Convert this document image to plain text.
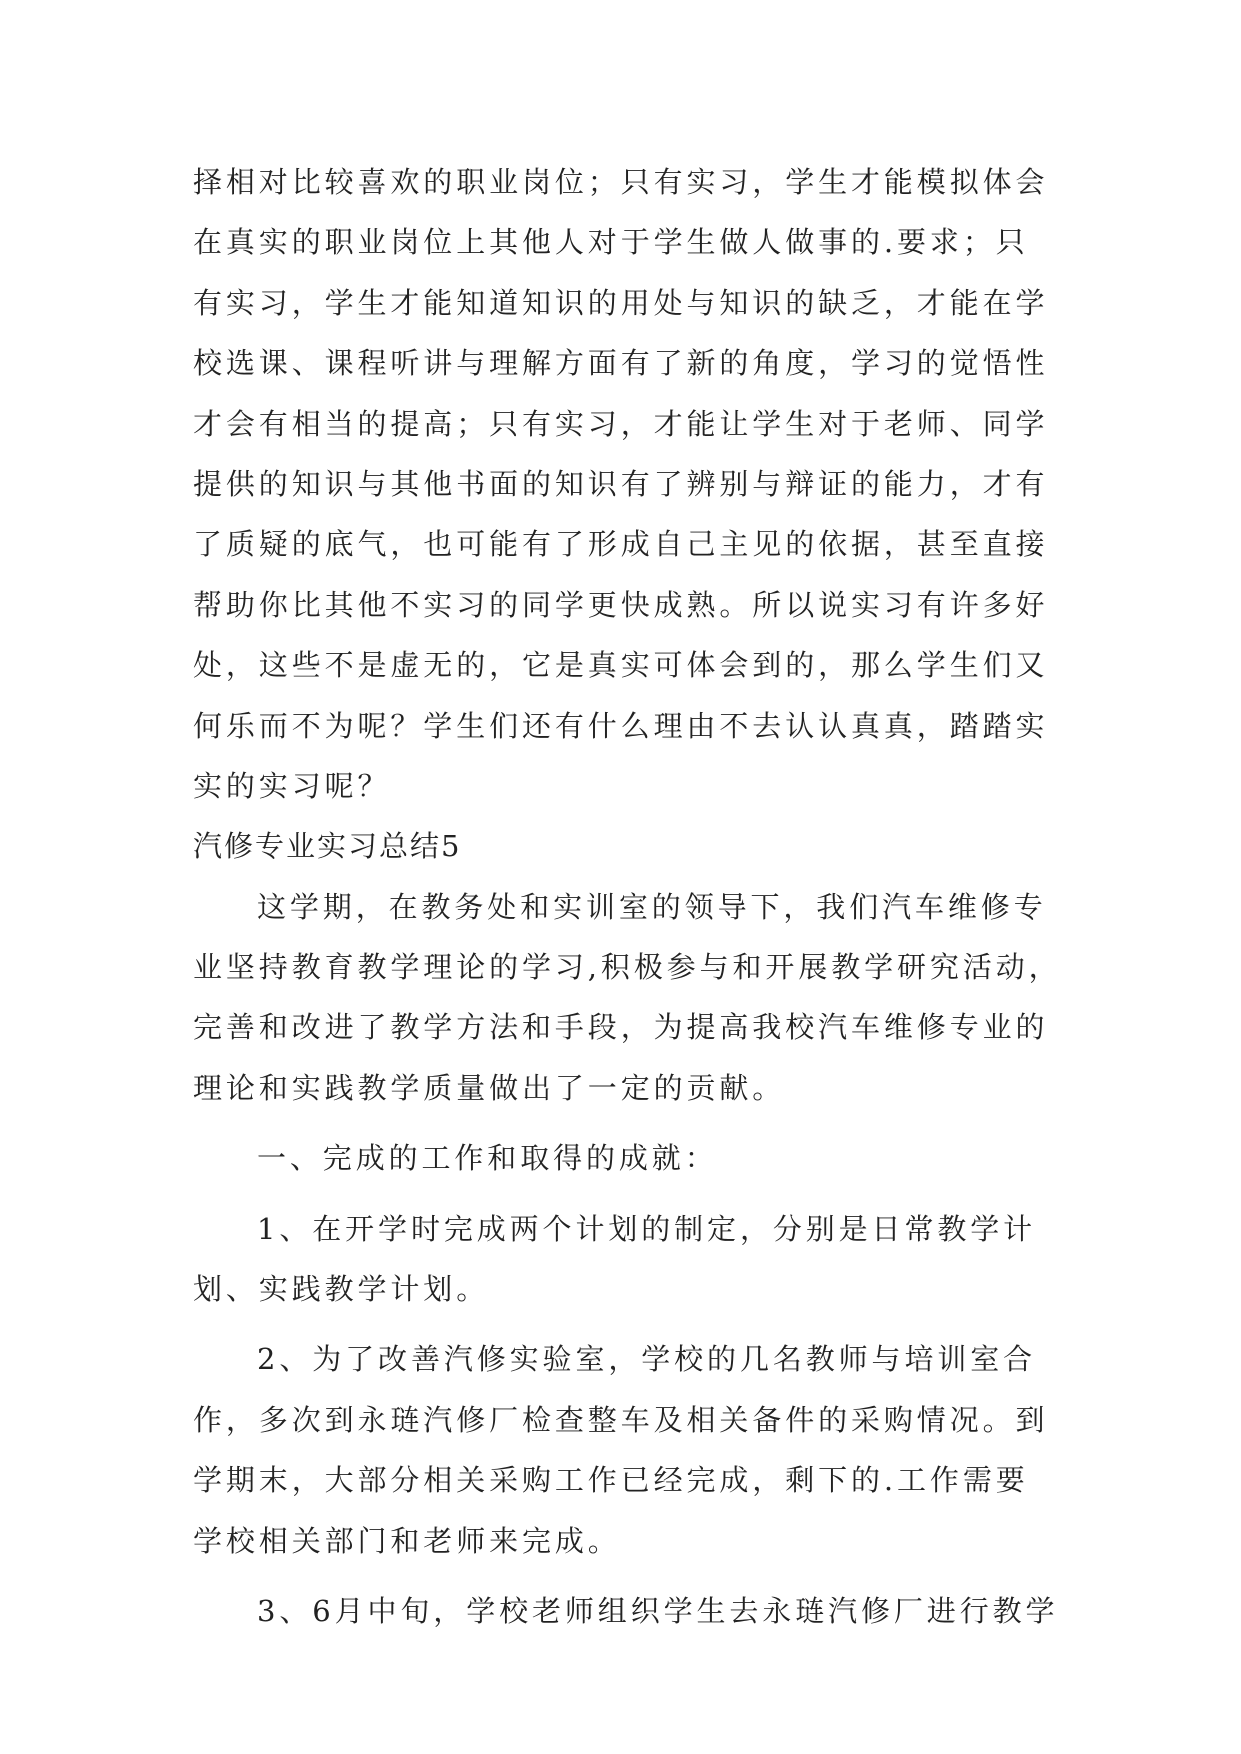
择相对比较喜欢的职业岗位；只有实习，学生才能模拟体会
在真实的职业岗位上其他人对于学生做人做事的.要求；只
有实习，学生才能知道知识的用处与知识的缺乏，才能在学
校选课、课程听讲与理解方面有了新的角度，学习的觉悟性
才会有相当的提高；只有实习，才能让学生对于老师、同学
提供的知识与其他书面的知识有了辨别与辩证的能力，才有
了质疑的底气，也可能有了形成自己主见的依据，甚至直接
帮助你比其他不实习的同学更快成熟。所以说实习有许多好
处，这些不是虚无的，它是真实可体会到的，那么学生们又
何乐而不为呢？学生们还有什么理由不去认认真真，踏踏实
实的实习呢？
汽修专业实习总结5
这学期，在教务处和实训室的领导下，我们汽车维修专
业坚持教育教学理论的学习,积极参与和开展教学研究活动，
完善和改进了教学方法和手段，为提高我校汽车维修专业的
理论和实践教学质量做出了一定的贡献。
一、完成的工作和取得的成就：
1、在开学时完成两个计划的制定，分别是日常教学计
划、实践教学计划。
2、为了改善汽修实验室，学校的几名教师与培训室合
作，多次到永琏汽修厂检查整车及相关备件的采购情况。到
学期末，大部分相关采购工作已经完成，剩下的.工作需要
学校相关部门和老师来完成。
3、6月中旬，学校老师组织学生去永琏汽修厂进行教学
